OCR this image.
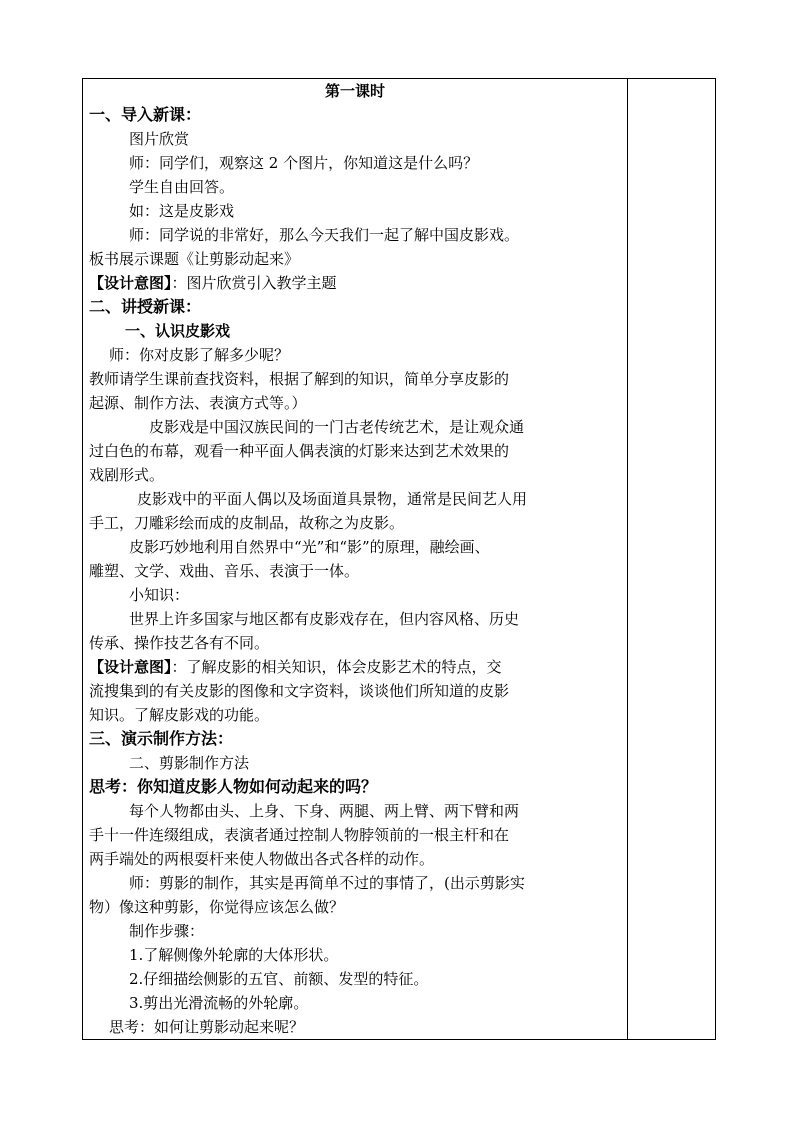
第一课时
一、导入新课：
图片欣赏
师：同学们，观察这 2 个图片，你知道这是什么吗？
学生自由回答。
如：这是皮影戏
师：同学说的非常好，那么今天我们一起了解中国皮影戏。
板书展示课题《让剪影动起来》
【设计意图】：图片欣赏引入教学主题
二、讲授新课：
一、认识皮影戏
师：你对皮影了解多少呢？
教师请学生课前查找资料，根据了解到的知识，简单分享皮影的
起源、制作方法、表演方式等。）
皮影戏是中国汉族民间的一门古老传统艺术，是让观众通
过白色的布幕，观看一种平面人偶表演的灯影来达到艺术效果的
戏剧形式。
皮影戏中的平面人偶以及场面道具景物，通常是民间艺人用
手工，刀雕彩绘而成的皮制品，故称之为皮影。
皮影巧妙地利用自然界中“光”和“影”的原理，融绘画、
雕塑、文学、戏曲、音乐、表演于一体。
小知识：
世界上许多国家与地区都有皮影戏存在，但内容风格、历史
传承、操作技艺各有不同。
【设计意图】：了解皮影的相关知识，体会皮影艺术的特点，交
流搜集到的有关皮影的图像和文字资料，谈谈他们所知道的皮影
知识。了解皮影戏的功能。
三、演示制作方法：
二、剪影制作方法
思考：你知道皮影人物如何动起来的吗？
每个人物都由头、上身、下身、两腿、两上臂、两下臂和两
手十一件连缀组成，表演者通过控制人物脖领前的一根主杆和在
两手端处的两根耍杆来使人物做出各式各样的动作。
师：剪影的制作，其实是再简单不过的事情了，(出示剪影实
物）像这种剪影，你觉得应该怎么做？
制作步骤：
1.了解侧像外轮廓的大体形状。
2.仔细描绘侧影的五官、前额、发型的特征。
3.剪出光滑流畅的外轮廓。
思考：如何让剪影动起来呢？
